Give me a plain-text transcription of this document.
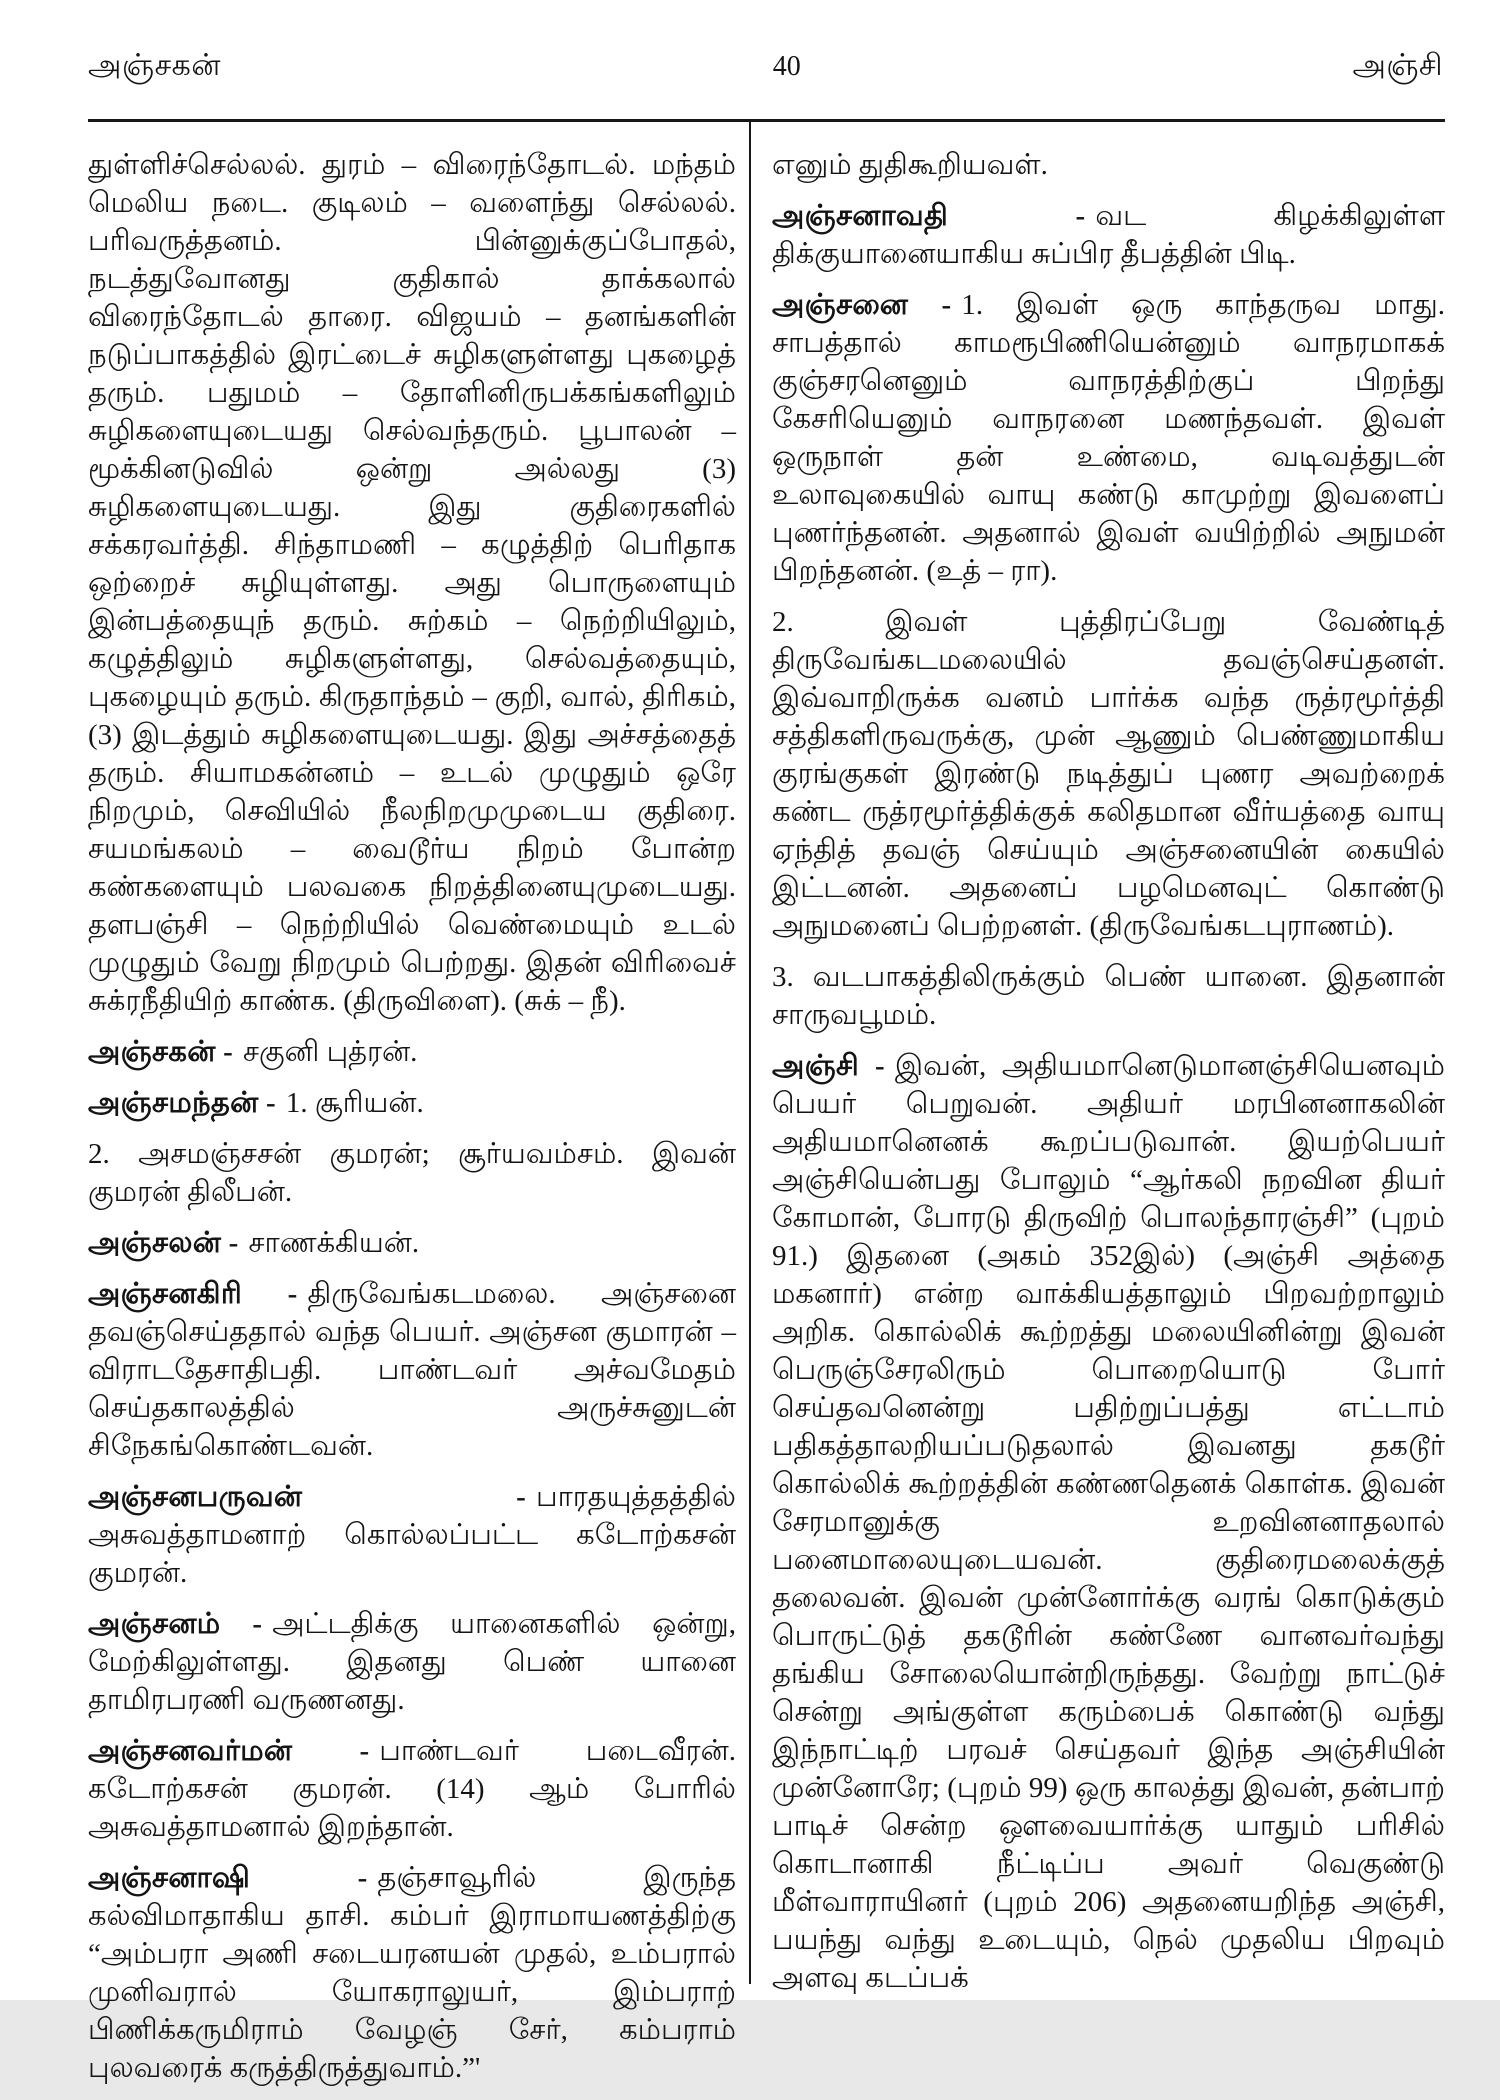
அஞ்சகன்	40	அஞ்சி

துள்ளிச்செல்லல். துரம் – விரைந்தோடல். மந்தம் மெலிய நடை. குடிலம் – வளைந்து செல்லல். பரிவருத்தனம். பின்னுக்குப்போதல், நடத்துவோனது குதிகால் தாக்கலால் விரைந்தோடல் தாரை. விஜயம் – தனங்களின் நடுப்பாகத்தில் இரட்டைச் சுழிகளுள்ளது புகழைத் தரும். பதுமம் – தோளினிருபக்கங்களிலும் சுழிகளையுடையது செல்வந்தரும். பூபாலன் – மூக்கினடுவில் ஒன்று அல்லது (3) சுழிகளையுடையது. இது குதிரைகளில் சக்கரவர்த்தி. சிந்தாமணி – கழுத்திற் பெரிதாக ஒற்றைச் சுழியுள்ளது. அது பொருளையும் இன்பத்தையுந் தரும். சுற்கம் – நெற்றியிலும், கழுத்திலும் சுழிகளுள்ளது, செல்வத்தையும், புகழையும் தரும். கிருதாந்தம் – குறி, வால், திரிகம், (3) இடத்தும் சுழிகளையுடையது. இது அச்சத்தைத் தரும். சியாமகன்னம் – உடல் முழுதும் ஒரே நிறமும், செவியில் நீலநிறமுமுடைய குதிரை. சயமங்கலம் – வைடூர்ய நிறம் போன்ற கண்களையும் பலவகை நிறத்தினையுமுடையது. தளபஞ்சி – நெற்றியில் வெண்மையும் உடல் முழுதும் வேறு நிறமும் பெற்றது. இதன் விரிவைச் சுக்ரநீதியிற் காண்க. (திருவிளை). (சுக் – நீ).

அஞ்சகன் - சகுனி புத்ரன்.

அஞ்சமந்தன் - 1. சூரியன்.

2. அசமஞ்சசன் குமரன்; சூர்யவம்சம். இவன் குமரன் திலீபன்.

அஞ்சலன் - சாணக்கியன்.

அஞ்சனகிரி - திருவேங்கடமலை. அஞ்சனை தவஞ்செய்ததால் வந்த பெயர். அஞ்சன குமாரன் – விராடதேசாதிபதி. பாண்டவர் அச்வமேதம் செய்தகாலத்தில் அருச்சுனுடன் சிநேகங்கொண்டவன்.

அஞ்சனபருவன் - பாரதயுத்தத்தில் அசுவத்தாமனாற் கொல்லப்பட்ட கடோற்கசன் குமரன்.

அஞ்சனம் - அட்டதிக்கு யானைகளில் ஒன்று, மேற்கிலுள்ளது. இதனது பெண் யானை தாமிரபரணி வருணனது.

அஞ்சனவர்மன் - பாண்டவர் படைவீரன். கடோற்கசன் குமரன். (14) ஆம் போரில் அசுவத்தாமனால் இறந்தான்.

அஞ்சனாஷி - தஞ்சாவூரில் இருந்த கல்விமாதாகிய தாசி. கம்பர் இராமாயணத்திற்கு “அம்பரா அணி சடையரனயன் முதல், உம்பரால் முனிவரால் யோகராலுயர், இம்பராற் பிணிக்கருமிராம் வேழஞ் சேர், கம்பராம் புலவரைக் கருத்திருத்துவாம்.”'

எனும் துதிகூறியவள்.

அஞ்சனாவதி - வட கிழக்கிலுள்ள திக்குயானையாகிய சுப்பிர தீபத்தின் பிடி.

அஞ்சனை - 1. இவள் ஒரு காந்தருவ மாது. சாபத்தால் காமரூபிணியென்னும் வாநரமாகக் குஞ்சரனெனும் வாநரத்திற்குப் பிறந்து கேசரியெனும் வாநரனை மணந்தவள். இவள் ஒருநாள் தன் உண்மை, வடிவத்துடன் உலாவுகையில் வாயு கண்டு காமுற்று இவளைப் புணர்ந்தனன். அதனால் இவள் வயிற்றில் அநுமன் பிறந்தனன். (உத் – ரா).

2. இவள் புத்திரப்பேறு வேண்டித் திருவேங்கடமலையில் தவஞ்செய்தனள். இவ்வாறிருக்க வனம் பார்க்க வந்த ருத்ரமூர்த்தி சத்திகளிருவருக்கு, முன் ஆணும் பெண்ணுமாகிய குரங்குகள் இரண்டு நடித்துப் புணர அவற்றைக் கண்ட ருத்ரமூர்த்திக்குக் கலிதமான வீர்யத்தை வாயு ஏந்தித் தவஞ் செய்யும் அஞ்சனையின் கையில் இட்டனன். அதனைப் பழமெனவுட் கொண்டு அநுமனைப் பெற்றனள். (திருவேங்கடபுராணம்).

3. வடபாகத்திலிருக்கும் பெண் யானை. இதனான் சாருவபூமம்.

அஞ்சி - இவன், அதியமானெடுமானஞ்சியெனவும் பெயர் பெறுவன். அதியர் மரபினனாகலின் அதியமானெனக் கூறப்படுவான். இயற்பெயர் அஞ்சியென்பது போலும் “ஆர்கலி நறவின தியர் கோமான், போரடு திருவிற் பொலந்தாரஞ்சி” (புறம் 91.) இதனை (அகம் 352இல்) (அஞ்சி அத்தை மகனார்) என்ற வாக்கியத்தாலும் பிறவற்றாலும் அறிக. கொல்லிக் கூற்றத்து மலையினின்று இவன் பெருஞ்சேரலிரும் பொறையொடு போர் செய்தவனென்று பதிற்றுப்பத்து எட்டாம் பதிகத்தாலறியப்படுதலால் இவனது தகடூர் கொல்லிக் கூற்றத்தின் கண்ணதெனக் கொள்க. இவன் சேரமானுக்கு உறவினனாதலால் பனைமாலையுடையவன். குதிரைமலைக்குத் தலைவன். இவன் முன்னோர்க்கு வரங் கொடுக்கும் பொருட்டுத் தகடூரின் கண்ணே வானவர்வந்து தங்கிய சோலையொன்றிருந்தது. வேற்று நாட்டுச் சென்று அங்குள்ள கரும்பைக் கொண்டு வந்து இந்நாட்டிற் பரவச் செய்தவர் இந்த அஞ்சியின் முன்னோரே; (புறம் 99) ஒரு காலத்து இவன், தன்பாற் பாடிச் சென்ற ஔவையார்க்கு யாதும் பரிசில் கொடானாகி நீட்டிப்ப அவர் வெகுண்டு மீள்வாராயினர் (புறம் 206) அதனையறிந்த அஞ்சி, பயந்து வந்து உடையும், நெல் முதலிய பிறவும் அளவு கடப்பக்
